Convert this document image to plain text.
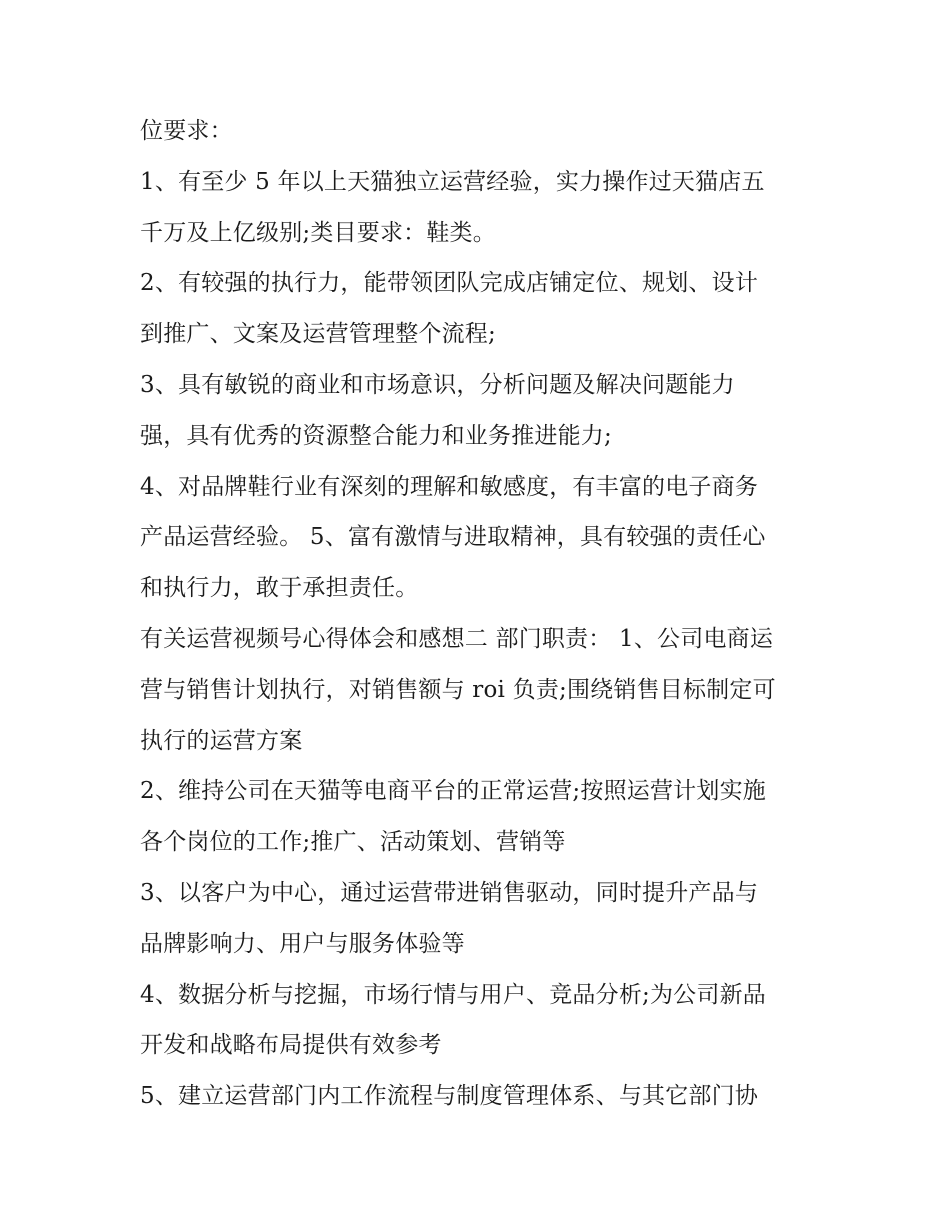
位要求：
1、有至少 5 年以上天猫独立运营经验，实力操作过天猫店五
千万及上亿级别;类目要求：鞋类。
2、有较强的执行力，能带领团队完成店铺定位、规划、设计
到推广、文案及运营管理整个流程;
3、具有敏锐的商业和市场意识，分析问题及解决问题能力
强，具有优秀的资源整合能力和业务推进能力;
4、对品牌鞋行业有深刻的理解和敏感度，有丰富的电子商务
产品运营经验。 5、富有激情与进取精神，具有较强的责任心
和执行力，敢于承担责任。
有关运营视频号心得体会和感想二 部门职责： 1、公司电商运
营与销售计划执行，对销售额与 roi 负责;围绕销售目标制定可
执行的运营方案
2、维持公司在天猫等电商平台的正常运营;按照运营计划实施
各个岗位的工作;推广、活动策划、营销等
3、以客户为中心，通过运营带进销售驱动，同时提升产品与
品牌影响力、用户与服务体验等
4、数据分析与挖掘，市场行情与用户、竞品分析;为公司新品
开发和战略布局提供有效参考
5、建立运营部门内工作流程与制度管理体系、与其它部门协
